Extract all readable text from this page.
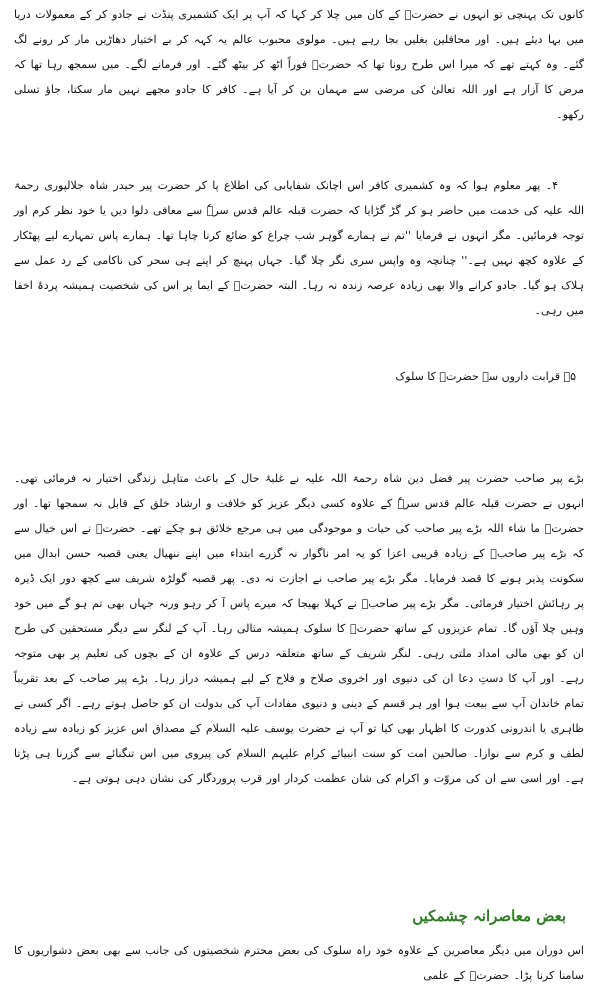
کانوں تک پہنچی تو انہوں نے حضرتؒ کے کان میں چلا کر کہا کہ آپ پر ایک کشمیری پنڈت نے جادو کر کے معمولات دریا میں بہا دیئے ہیں۔ اور محافلین بغلیں بجا رہے ہیں۔ مولوی محبوب عالم یہ کہہ کر بے اختیار دھاڑیں مار کر رونے لگ گئے۔ وہ کہتے تھے کہ میرا اس طرح رونا تھا کہ حضرتؒ فوراً اٹھ کر بیٹھ گئے۔ اور فرمانے لگے۔ میں سمجھ رہا تھا کہ مرض کا آزار ہے اور اللہ تعالیٰ کی مرضی سے مہمان بن کر آیا ہے۔ کافر کا جادو مجھے نہیں مار سکتا، جاؤ تسلی رکھو۔

۴۔ پھر معلوم ہوا کہ وہ کشمیری کافر اس اچانک شفایابی کی اطلاع پا کر حضرت پیر حیدر شاہ جلالپوری رحمۃ اللہ علیہ کی خدمت میں حاضر ہو کر گڑ گڑایا کہ حضرت قبلہ عالم قدس سرہٗ سے معافی دلوا دیں یا خود نظر کرم اور توجہ فرمائیں۔ مگر انہوں نے فرمایا ''تم نے ہمارے گوہر شب چراغ کو ضائع کرنا چاہا تھا۔ ہمارے پاس تمہارے لیے پھٹکار کے علاوہ کچھ نہیں ہے۔'' چنانچہ وہ واپس سری نگر چلا گیا۔ جہاں پہنچ کر اپنے ہی سحر کی ناکامی کے رد عمل سے ہلاک ہو گیا۔ جادو کرانے والا بھی زیادہ عرصہ زندہ نہ رہا۔ البتہ حضرتؒ کے ایما پر اس کی شخصیت ہمیشہ پردۂ اخفا میں رہی۔

۵۔ قرابت داروں سے حضرتؒ کا سلوک

بڑے پیر صاحب حضرت پیر فضل دین شاہ رحمۃ اللہ علیہ نے غلبۂ حال کے باعث متاہل زندگی اختیار نہ فرمائی تھی۔ انہوں نے حضرت قبلہ عالم قدس سرہٗ کے علاوہ کسی دیگر عزیز کو خلافت و ارشاد خلق کے قابل نہ سمجھا تھا۔ اور حضرتؒ ما شاء اللہ بڑے پیر صاحب کی حیات و موجودگی میں ہی مرجع خلائق ہو چکے تھے۔ حضرتؒ نے اس خیال سے کہ بڑے پیر صاحبؒ کے زیادہ قریبی اعزا کو یہ امر ناگوار نہ گزرے ابتداء میں اپنے ننھیال یعنی قصبہ حسن ابدال میں سکونت پذیر ہونے کا قصد فرمایا۔ مگر بڑے پیر صاحب نے اجازت نہ دی۔ پھر قصبہ گولڑہ شریف سے کچھ دور ایک ڈیرہ پر رہائش اختیار فرمائی۔ مگر بڑے پیر صاحبؒ نے کہلا بھیجا کہ میرے پاس آ کر رہو ورنہ جہاں بھی تم ہو گے میں خود وہیں چلا آؤں گا۔ تمام عزیزوں کے ساتھ حضرتؒ کا سلوک ہمیشہ مثالی رہا۔ آپ کے لنگر سے دیگر مستحقین کی طرح ان کو بھی مالی امداد ملتی رہی۔ لنگر شریف کے ساتھ متعلقہ درس کے علاوہ ان کے بچوں کی تعلیم پر بھی متوجہ رہے۔ اور آپ کا دستِ دعا ان کی دنیوی اور اخروی صلاح و فلاح کے لیے ہمیشہ دراز رہا۔ بڑے پیر صاحب کے بعد تقریباً تمام خاندان آپ سے بیعت ہوا اور ہر قسم کے دینی و دنیوی مفادات آپ کی بدولت ان کو حاصل ہوتے رہے۔ اگر کسی نے ظاہری یا اندرونی کدورت کا اظہار بھی کیا تو آپ نے حضرت یوسف علیہ السلام کے مصداق اس عزیز کو زیادہ سے زیادہ لطف و کرم سے نوازا۔ صالحین امت کو سنت انبیائے کرام علیہم السلام کی پیروی میں اس تنگنائے سے گزرنا ہی پڑتا ہے۔ اور اسی سے ان کی مروّت و اکرام کی شان عظمت کردار اور قرب پروردگار کی نشان دہی ہوتی ہے۔

بعض معاصرانہ چشمکیں

اس دوران میں دیگر معاصرین کے علاوہ خود راہ سلوک کی بعض محترم شخصیتوں کی جانب سے بھی بعض دشواریوں کا سامنا کرنا پڑا۔ حضرتؒ کے علمی
